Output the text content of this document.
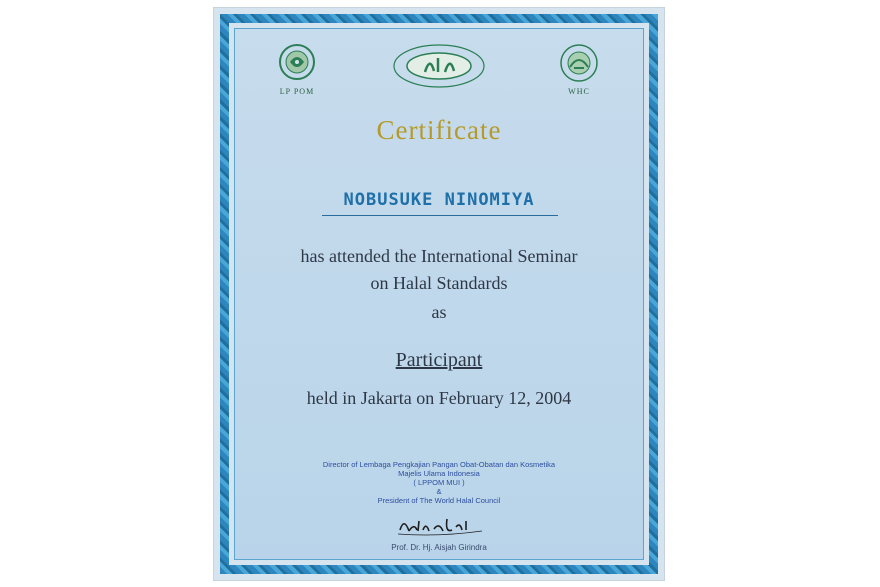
LP POM	WHC
Certificate
NOBUSUKE NINOMIYA
has attended the International Seminar
on Halal Standards
as
Participant
held in Jakarta on February 12, 2004
Director of Lembaga Pengkajian Pangan Obat-Obatan dan Kosmetika
Majelis Ulama Indonesia
( LPPOM MUI )
&
President of The World Halal Council
Prof. Dr. Hj. Aisjah Girindra
